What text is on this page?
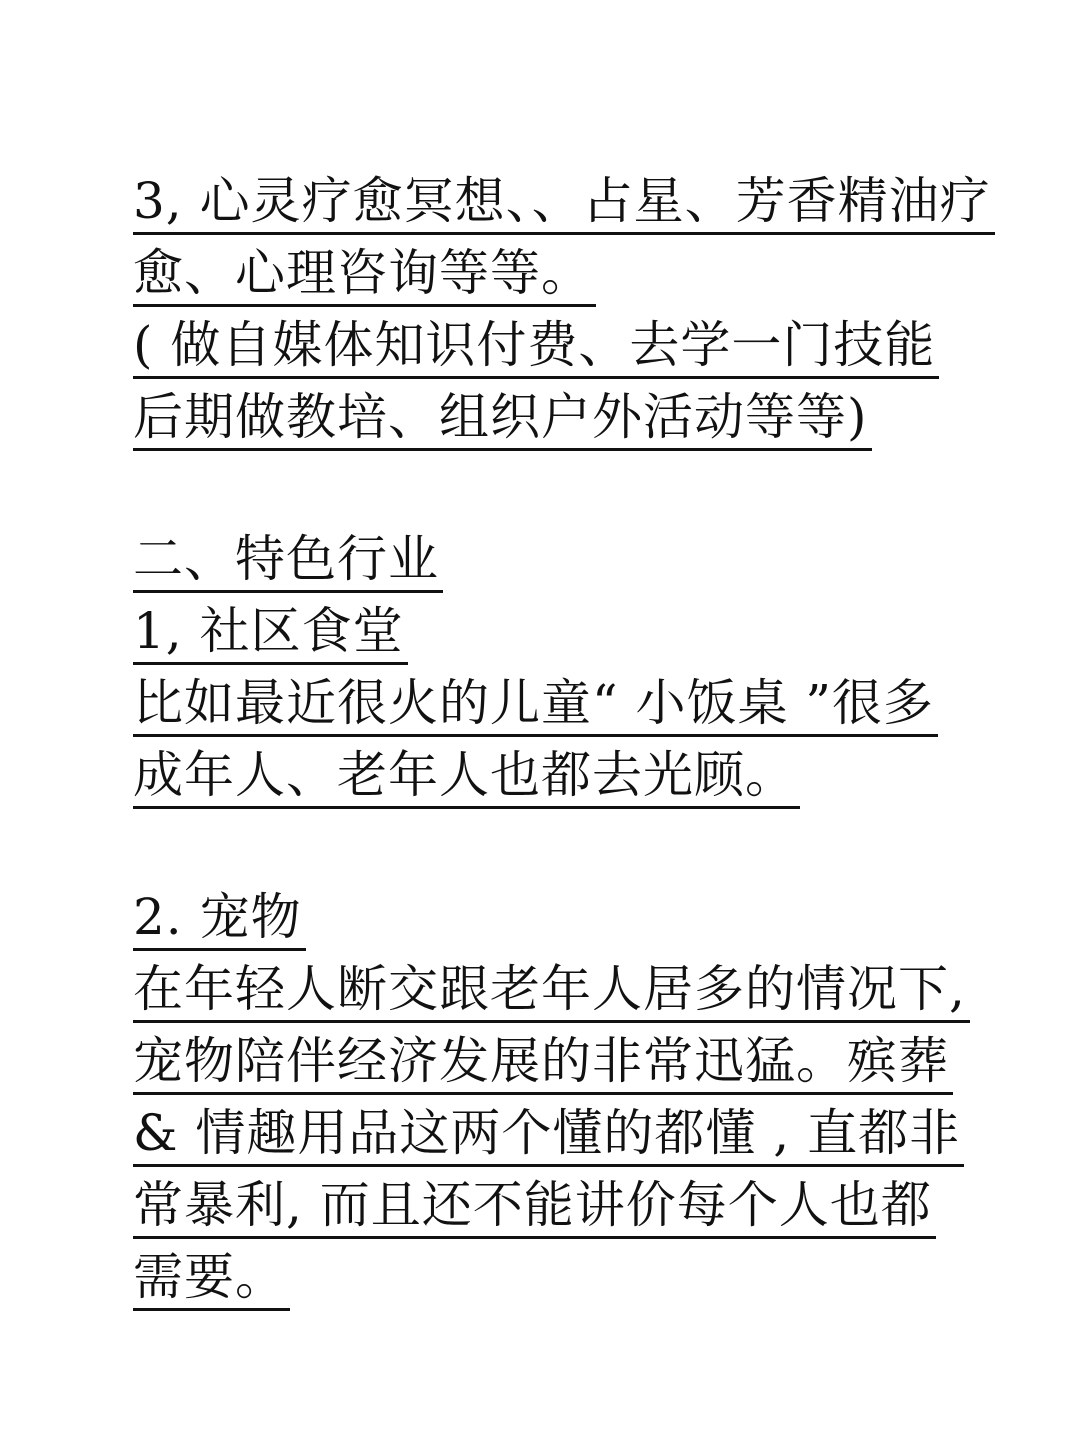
3, 心灵疗愈冥想、、占星、芳香精油疗
愈、心理咨询等等。
( 做自媒体知识付费、去学一门技能
后期做教培、组织户外活动等等)
二、特色行业
1, 社区食堂
比如最近很火的儿童“ 小饭桌 ”很多
成年人、老年人也都去光顾。
2. 宠物
在年轻人断交跟老年人居多的情况下,
宠物陪伴经济发展的非常迅猛。殡葬
& 情趣用品这两个懂的都懂 , 直都非
常暴利, 而且还不能讲价每个人也都
需要。
